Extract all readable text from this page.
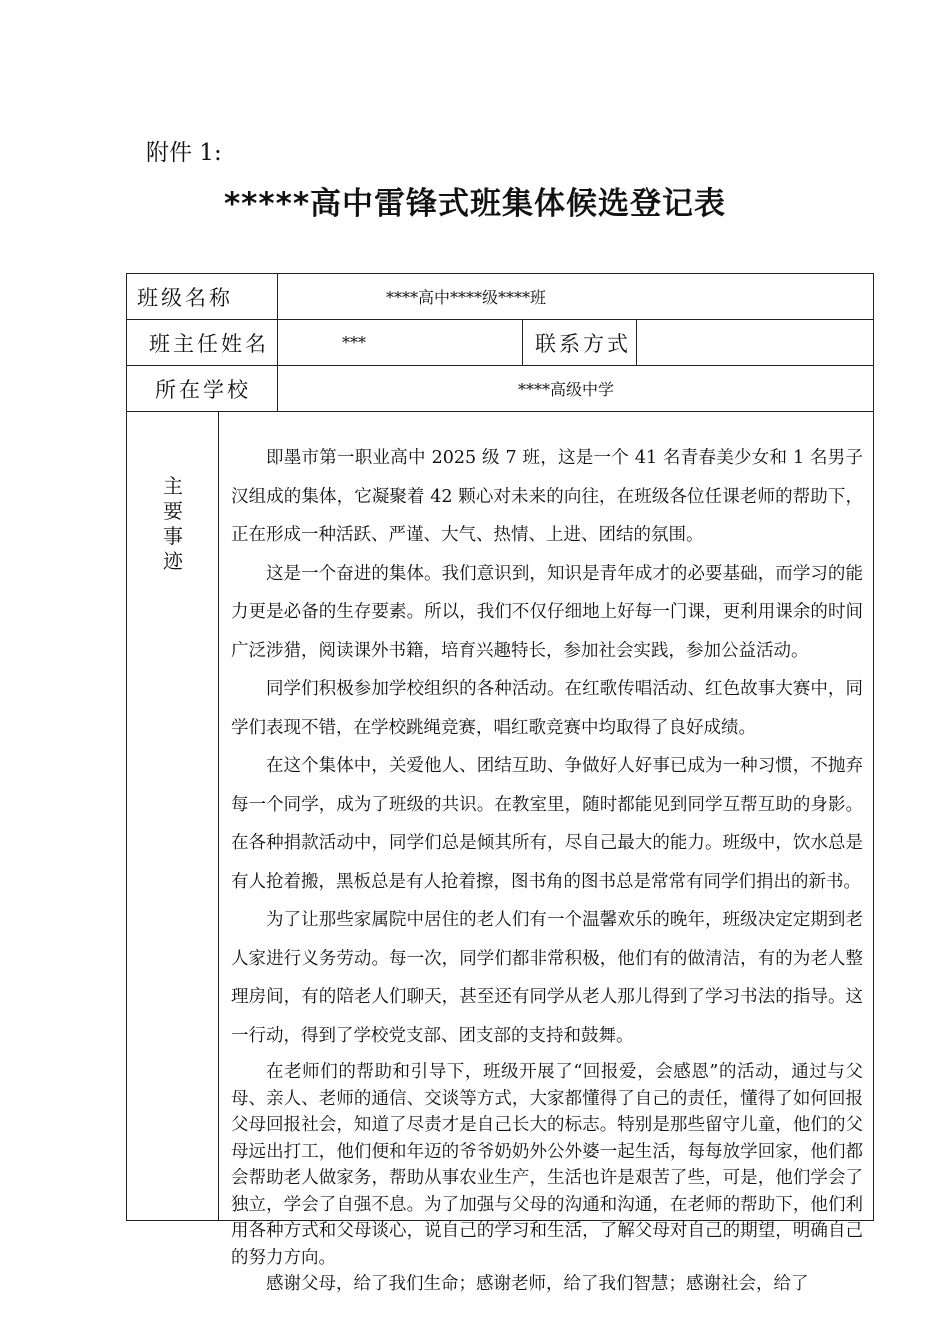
附件 1:
*****高中雷锋式班集体候选登记表
班级名称	****高中****级****班
班主任姓名	***	联系方式
所在学校	****高级中学
主要事迹

即墨市第一职业高中 2025 级 7 班，这是一个 41 名青春美少女和 1 名男子汉组成的集体，它凝聚着 42 颗心对未来的向往，在班级各位任课老师的帮助下，正在形成一种活跃、严谨、大气、热情、上进、团结的氛围。

这是一个奋进的集体。我们意识到，知识是青年成才的必要基础，而学习的能力更是必备的生存要素。所以，我们不仅仔细地上好每一门课，更利用课余的时间广泛涉猎，阅读课外书籍，培育兴趣特长，参加社会实践，参加公益活动。

同学们积极参加学校组织的各种活动。在红歌传唱活动、红色故事大赛中，同学们表现不错，在学校跳绳竞赛，唱红歌竞赛中均取得了良好成绩。

在这个集体中，关爱他人、团结互助、争做好人好事已成为一种习惯，不抛弃每一个同学，成为了班级的共识。在教室里，随时都能见到同学互帮互助的身影。在各种捐款活动中，同学们总是倾其所有，尽自己最大的能力。班级中，饮水总是有人抢着搬，黑板总是有人抢着擦，图书角的图书总是常常有同学们捐出的新书。

为了让那些家属院中居住的老人们有一个温馨欢乐的晚年，班级决定定期到老人家进行义务劳动。每一次，同学们都非常积极，他们有的做清洁，有的为老人整理房间，有的陪老人们聊天，甚至还有同学从老人那儿得到了学习书法的指导。这一行动，得到了学校党支部、团支部的支持和鼓舞。

在老师们的帮助和引导下，班级开展了“回报爱，会感恩”的活动，通过与父母、亲人、老师的通信、交谈等方式，大家都懂得了自己的责任，懂得了如何回报父母回报社会，知道了尽责才是自己长大的标志。特别是那些留守儿童，他们的父母远出打工，他们便和年迈的爷爷奶奶外公外婆一起生活，每每放学回家，他们都会帮助老人做家务，帮助从事农业生产，生活也许是艰苦了些，可是，他们学会了独立，学会了自强不息。为了加强与父母的沟通和沟通，在老师的帮助下，他们利用各种方式和父母谈心，说自己的学习和生活，了解父母对自己的期望，明确自己的努力方向。

感谢父母，给了我们生命；感谢老师，给了我们智慧；感谢社会，给了
